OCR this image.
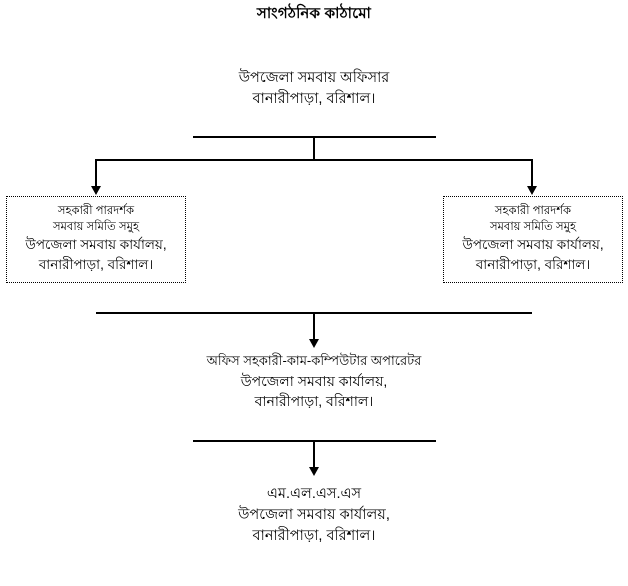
সাংগঠনিক কাঠামো
উপজেলা সমবায় অফিসার
বানারীপাড়া, বরিশাল।
সহকারী পারদর্শক
সমবায় সমিতি সমুহ
উপজেলা সমবায় কার্যালয়,
বানারীপাড়া, বরিশাল।
সহকারী পারদর্শক
সমবায় সমিতি সমুহ
উপজেলা সমবায় কার্যালয়,
বানারীপাড়া, বরিশাল।
অফিস সহকারী-কাম-কম্পিউটার অপারেটর
উপজেলা সমবায় কার্যালয়,
বানারীপাড়া, বরিশাল।
এম.এল.এস.এস
উপজেলা সমবায় কার্যালয়,
বানারীপাড়া, বরিশাল।
